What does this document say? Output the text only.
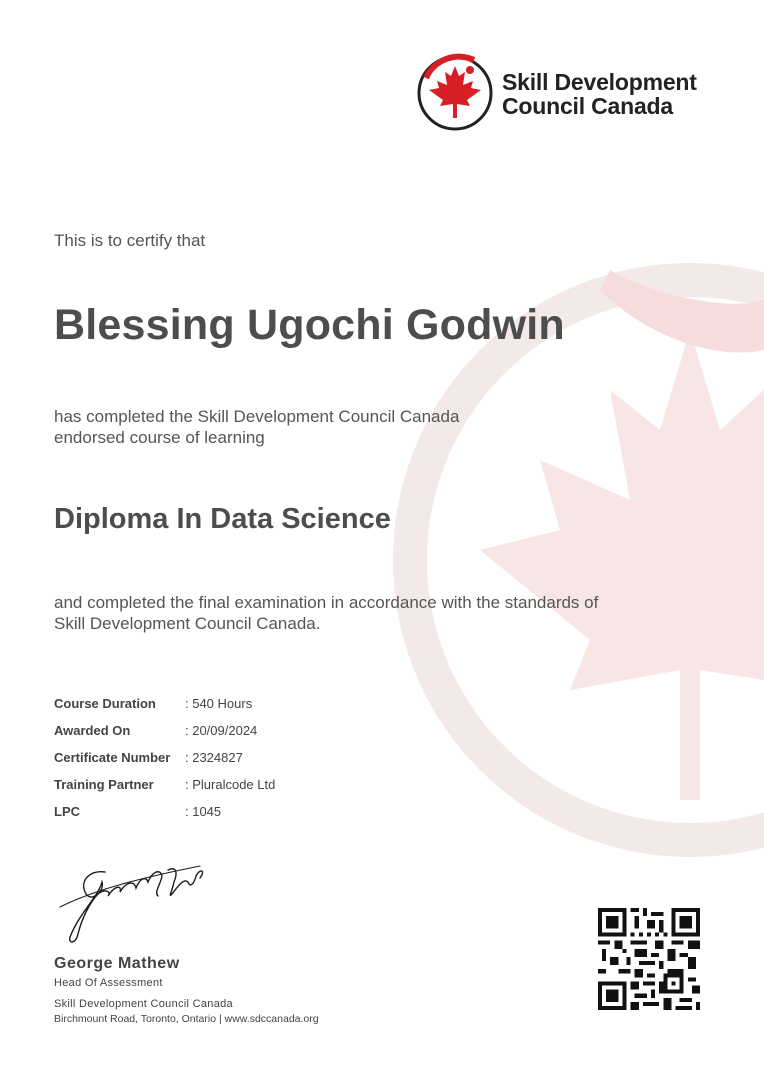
Skill Development
Council Canada
This is to certify that
Blessing Ugochi Godwin
has completed the Skill Development Council Canada
endorsed course of learning
Diploma In Data Science
and completed the final examination in accordance with the standards of
Skill Development Council Canada.
Course Duration	: 540 Hours
Awarded On	: 20/09/2024
Certificate Number	: 2324827
Training Partner	: Pluralcode Ltd
LPC	: 1045
George Mathew
Head Of Assessment
Skill Development Council Canada
Birchmount Road, Toronto, Ontario | www.sdccanada.org
